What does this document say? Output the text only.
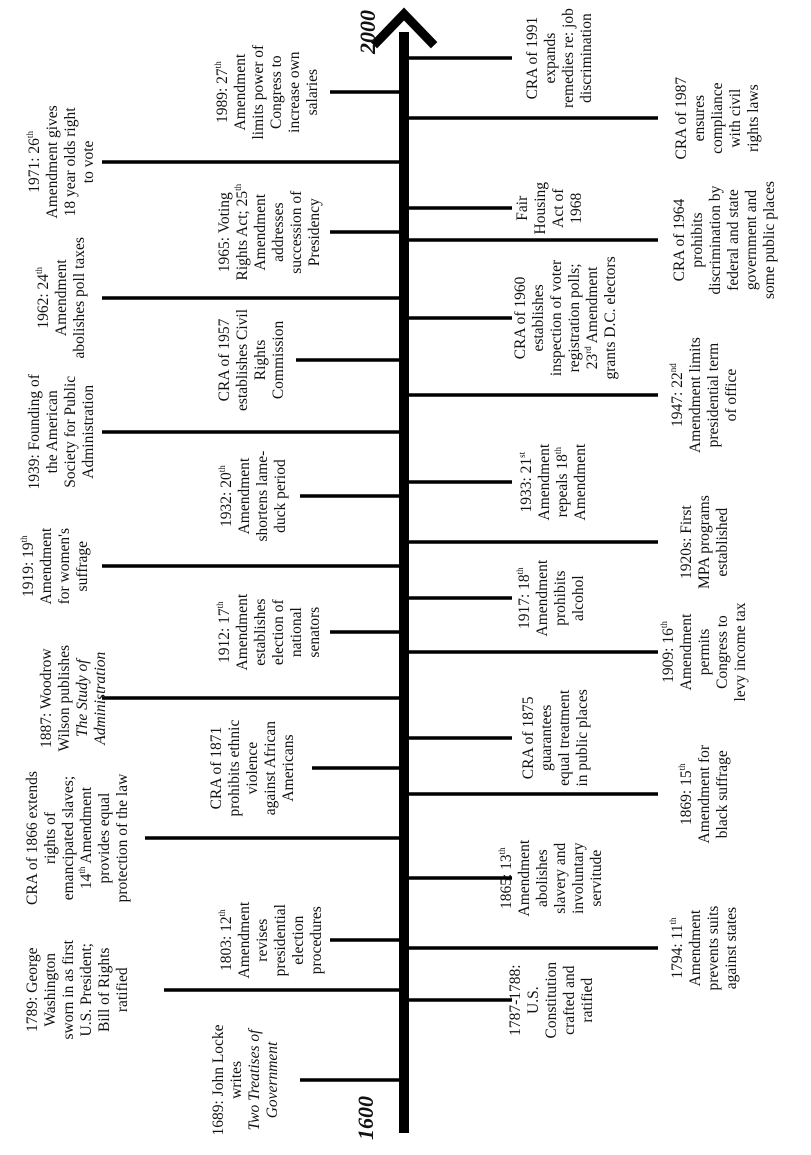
1600
2000
1689: John Locke
writes
Two Treatises of
Government
1787-1788:
U.S.
Constitution
crafted and
ratified
1789: George
Washington
sworn in as first
U.S. President;
Bill of Rights
ratified
1794: 11th Amendment
prevents suits
against states
1803: 12th Amendment
revises
presidential
election
procedures
1865: 13th Amendment
abolishes
slavery and
involuntary
servitude
CRA of 1866 extends
rights of
emancipated slaves;
14th Amendment
provides equal
protection of the law	1869: 15th Amendment for
black suffrage
CRA of 1871
prohibits ethnic
violence
against African
Americans	CRA of 1875
guarantees
equal treatment
in public places
1887: Woodrow
Wilson publishes
The Study of
Administration	1909: 16th Amendment
permits
Congress to
levy income tax
1912: 17th Amendment
establishes
election of
national
senators
1917: 18th Amendment
prohibits
alcohol
1919: 19th Amendment
for women's
suffrage	1920s: First
MPA programs
established
1932: 20th Amendment
shortens lame-
duck period	1933: 21st Amendment
repeals 18th Amendment
1939: Founding of
the American
Society for Public
Administration	1947: 22nd Amendment limits
presidential term
of office
CRA of 1957
establishes Civil
Rights
Commission
CRA of 1960
establishes
inspection of voter
registration polls;
23rd Amendment
grants D.C. electors
1962: 24th Amendment
abolishes poll taxes	CRA of 1964
prohibits
discrimination by
federal and state
government and
some public places
1965: Voting
Rights Act; 25th
Amendment
addresses
succession of
Presidency	Fair
Housing
Act of
1968
1971: 26th Amendment gives
18 year olds right
to vote
CRA of 1987
ensures
compliance
with civil
rights laws
1989: 27th Amendment
limits power of
Congress to
increase own
salaries	CRA of 1991
expands
remedies re: job
discrimination
